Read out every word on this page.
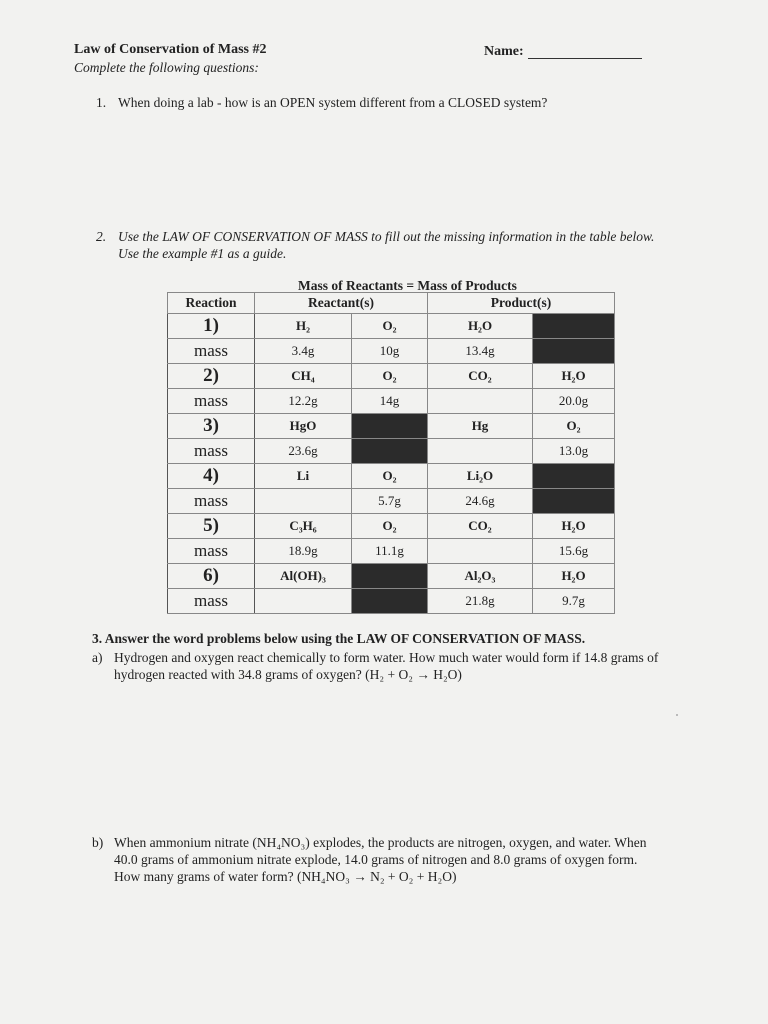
Law of Conservation of Mass #2
Complete the following questions:
Name:
1. When doing a lab - how is an OPEN system different from a CLOSED system?
2. Use the LAW OF CONSERVATION OF MASS to fill out the missing information in the table below.
Use the example #1 as a guide.
Mass of Reactants = Mass of Products
Reaction	Reactant(s)		Product(s)	
1)	H₂	O₂	H₂O	
mass	3.4g	10g	13.4g	
2)	CH₄	O₂	CO₂	H₂O
mass	12.2g	14g		20.0g
3)	HgO		Hg	O₂
mass	23.6g			13.0g
4)	Li	O₂	Li₂O	
mass		5.7g	24.6g	
5)	C₃H₆	O₂	CO₂	H₂O
mass	18.9g	11.1g		15.6g
6)	Al(OH)₃		Al₂O₃	H₂O
mass			21.8g	9.7g
3. Answer the word problems below using the LAW OF CONSERVATION OF MASS.
a) Hydrogen and oxygen react chemically to form water. How much water would form if 14.8 grams of
hydrogen reacted with 34.8 grams of oxygen? (H₂ + O₂ → H₂O)
b) When ammonium nitrate (NH₄NO₃) explodes, the products are nitrogen, oxygen, and water. When
40.0 grams of ammonium nitrate explode, 14.0 grams of nitrogen and 8.0 grams of oxygen form.
How many grams of water form? (NH₄NO₃ → N₂ + O₂ + H₂O)
